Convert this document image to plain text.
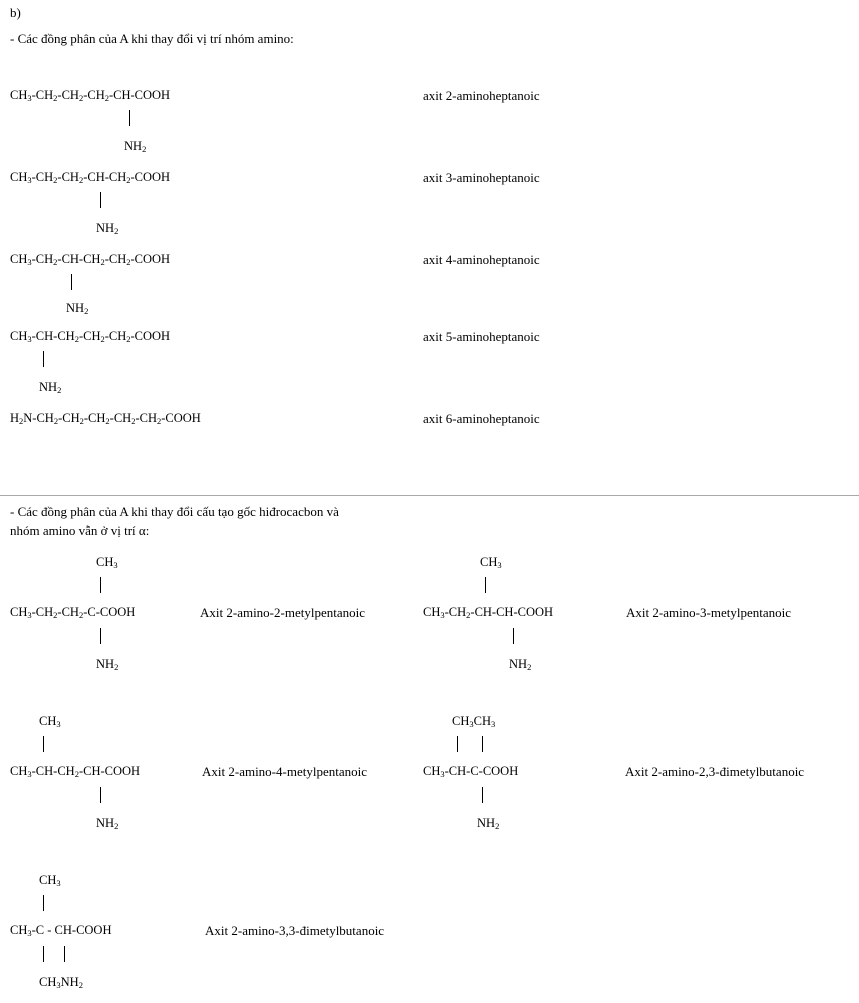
b)
- Các đồng phân của A khi thay đổi vị trí nhóm amino:
$CH_3-CH_2-CH_2-CH_2-CH$-COOH
$NH_2$
axit 2-aminoheptanoic
$CH_3-CH_2-CH_2-CH-CH_2$-COOH
$NH_2$
axit 3-aminoheptanoic
$CH_3-CH_2-CH-CH_2-CH_2$-COOH
$NH_2$
axit 4-aminoheptanoic
$CH_3-CH-CH_2-CH_2-CH_2$-COOH
$NH_2$
axit 5-aminoheptanoic
$H_2N-CH_2-CH_2-CH_2-CH_2-CH_2$-COOH	axit 6-aminoheptanoic
- Các đồng phân của A khi thay đổi cấu tạo gốc hiđrocacbon và
nhóm amino vẫn ở vị trí α:
$CH_3$
$CH_3-CH_2-CH_2-C$-COOH
$NH_2$
Axit 2-amino-2-metylpentanoic
$CH_3$
$CH_3-CH_2-CH-CH$-COOH
$NH_2$
Axit 2-amino-3-metylpentanoic
$CH_3$
$CH_3-CH-CH_2-CH$-COOH
$NH_2$
Axit 2-amino-4-metylpentanoic
$CH_3CH_3$
$CH_3-CH-C$-COOH
$NH_2$
Axit 2-amino-2,3-đimetylbutanoic
$CH_3$
$CH_3-C$ - CH-COOH
$CH_3NH_2$
Axit 2-amino-3,3-đimetylbutanoic
